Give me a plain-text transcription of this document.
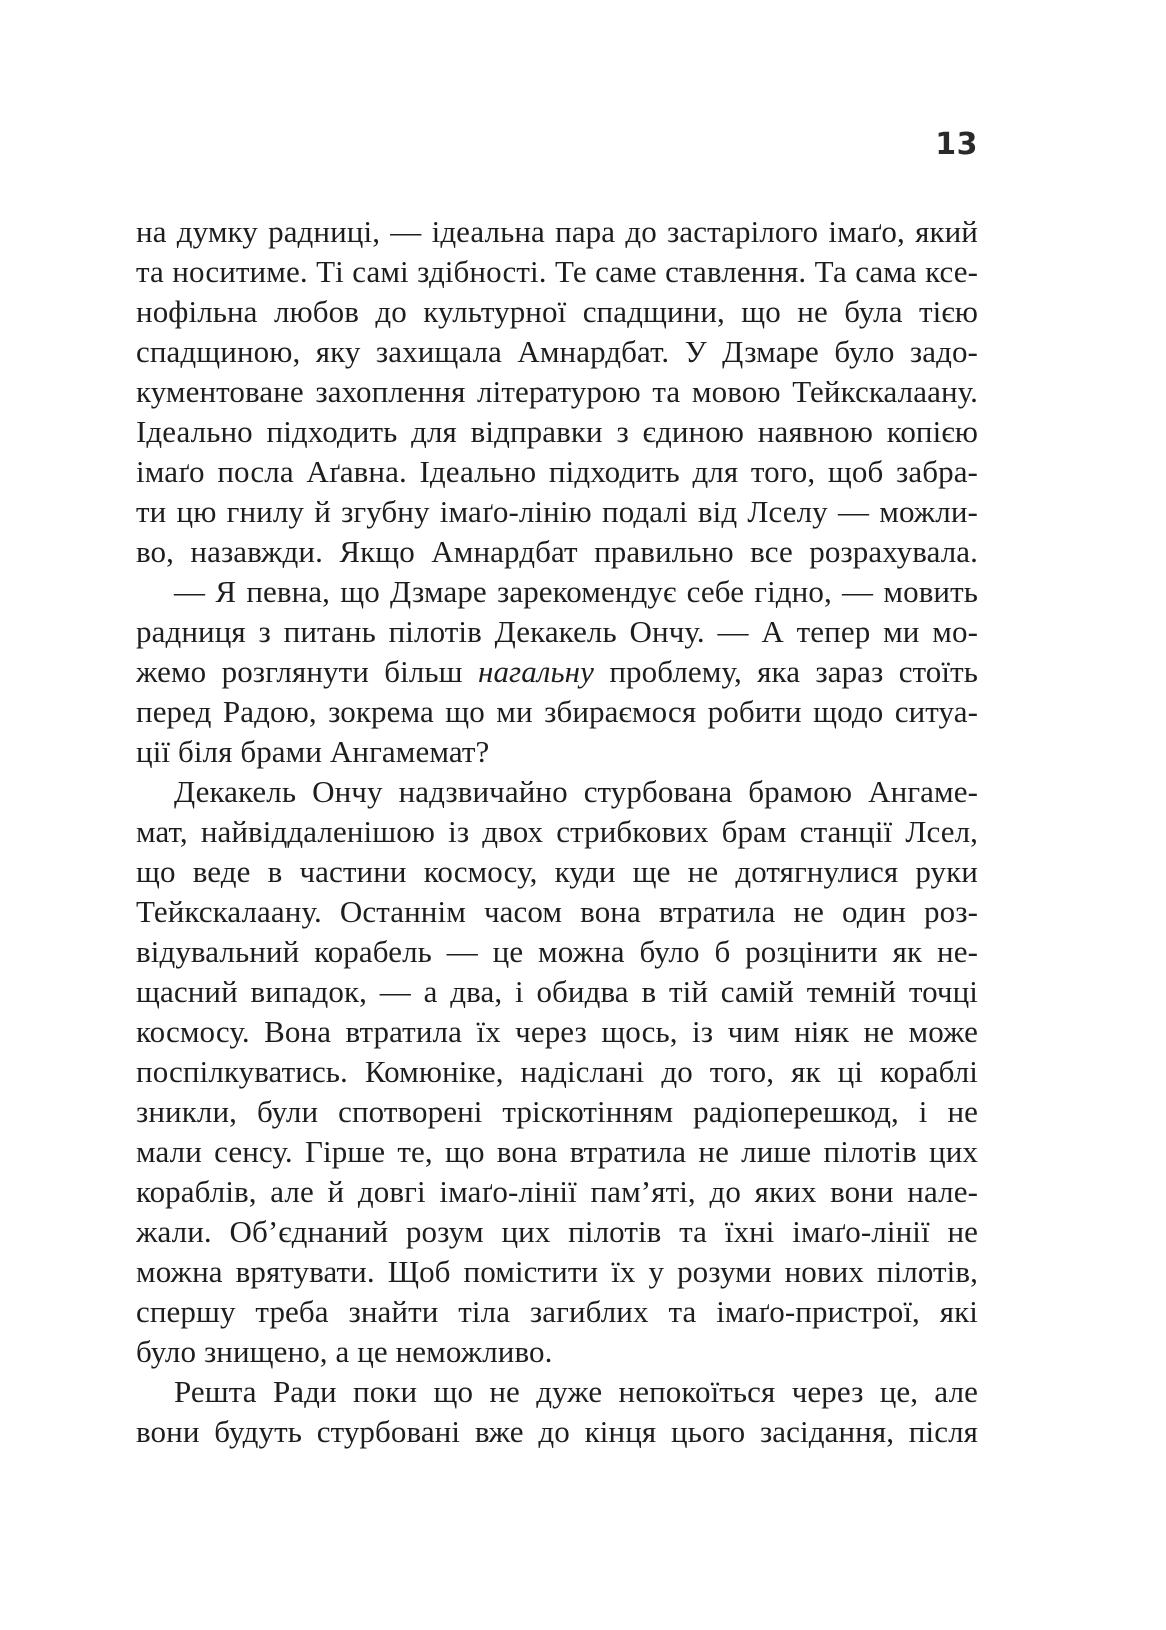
13
на думку радниці, — ідеальна пара до застарілого імаґо, який
та носитиме. Ті самі здібності. Те саме ставлення. Та сама ксе-
нофільна любов до культурної спадщини, що не була тією
спадщиною, яку захищала Амнардбат. У Дзмаре було задо-
кументоване захоплення літературою та мовою Тейкскалаану.
Ідеально підходить для відправки з єдиною наявною копією
імаґо посла Аґавна. Ідеально підходить для того, щоб забра-
ти цю гнилу й згубну імаґо-лінію подалі від Лселу — можли-
во, назавжди. Якщо Амнардбат правильно все розрахувала.
— Я певна, що Дзмаре зарекомендує себе гідно, — мовить
радниця з питань пілотів Декакель Ончу. — А тепер ми мо-
жемо розглянути більш нагальну проблему, яка зараз стоїть
перед Радою, зокрема що ми збираємося робити щодо ситуа-
ції біля брами Ангамемат?
Декакель Ончу надзвичайно стурбована брамою Ангаме-
мат, найвіддаленішою із двох стрибкових брам станції Лсел,
що веде в частини космосу, куди ще не дотягнулися руки
Тейкскалаану. Останнім часом вона втратила не один роз-
відувальний корабель — це можна було б розцінити як не-
щасний випадок, — а два, і обидва в тій самій темній точці
космосу. Вона втратила їх через щось, із чим ніяк не може
поспілкуватись. Комюніке, надіслані до того, як ці кораблі
зникли, були спотворені тріскотінням радіоперешкод, і не
мали сенсу. Гірше те, що вона втратила не лише пілотів цих
кораблів, але й довгі імаґо-лінії пам’яті, до яких вони нале-
жали. Об’єднаний розум цих пілотів та їхні імаґо-лінії не
можна врятувати. Щоб помістити їх у розуми нових пілотів,
спершу треба знайти тіла загиблих та імаґо-пристрої, які
було знищено, а це неможливо.
Решта Ради поки що не дуже непокоїться через це, але
вони будуть стурбовані вже до кінця цього засідання, після
